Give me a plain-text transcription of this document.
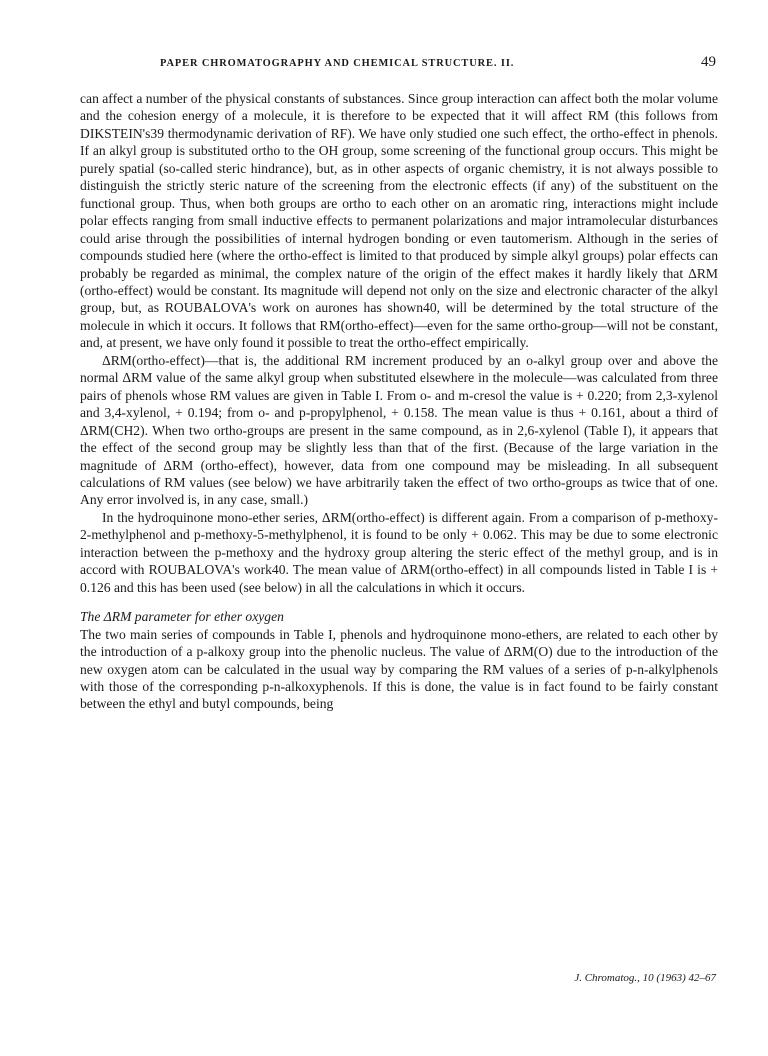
PAPER CHROMATOGRAPHY AND CHEMICAL STRUCTURE. II.	49

can affect a number of the physical constants of substances. Since group interaction can affect both the molar volume and the cohesion energy of a molecule, it is therefore to be expected that it will affect RM (this follows from DIKSTEIN's39 thermodynamic derivation of RF). We have only studied one such effect, the ortho-effect in phenols. If an alkyl group is substituted ortho to the OH group, some screening of the functional group occurs. This might be purely spatial (so-called steric hindrance), but, as in other aspects of organic chemistry, it is not always possible to distinguish the strictly steric nature of the screening from the electronic effects (if any) of the substituent on the functional group. Thus, when both groups are ortho to each other on an aromatic ring, interactions might include polar effects ranging from small inductive effects to permanent polarizations and major intramolecular disturbances could arise through the possibilities of internal hydrogen bonding or even tautomerism. Although in the series of compounds studied here (where the ortho-effect is limited to that produced by simple alkyl groups) polar effects can probably be regarded as minimal, the complex nature of the origin of the effect makes it hardly likely that ΔRM (ortho-effect) would be constant. Its magnitude will depend not only on the size and electronic character of the alkyl group, but, as ROUBALOVA's work on aurones has shown40, will be determined by the total structure of the molecule in which it occurs. It follows that RM(ortho-effect)—even for the same ortho-group—will not be constant, and, at present, we have only found it possible to treat the ortho-effect empirically.

ΔRM(ortho-effect)—that is, the additional RM increment produced by an o-alkyl group over and above the normal ΔRM value of the same alkyl group when substituted elsewhere in the molecule—was calculated from three pairs of phenols whose RM values are given in Table I. From o- and m-cresol the value is + 0.220; from 2,3-xylenol and 3,4-xylenol, + 0.194; from o- and p-propylphenol, + 0.158. The mean value is thus + 0.161, about a third of ΔRM(CH2). When two ortho-groups are present in the same compound, as in 2,6-xylenol (Table I), it appears that the effect of the second group may be slightly less than that of the first. (Because of the large variation in the magnitude of ΔRM (ortho-effect), however, data from one compound may be misleading. In all subsequent calculations of RM values (see below) we have arbitrarily taken the effect of two ortho-groups as twice that of one. Any error involved is, in any case, small.)

In the hydroquinone mono-ether series, ΔRM(ortho-effect) is different again. From a comparison of p-methoxy-2-methylphenol and p-methoxy-5-methylphenol, it is found to be only + 0.062. This may be due to some electronic interaction between the p-methoxy and the hydroxy group altering the steric effect of the methyl group, and is in accord with ROUBALOVA's work40. The mean value of ΔRM(ortho-effect) in all compounds listed in Table I is + 0.126 and this has been used (see below) in all the calculations in which it occurs.

The ΔRM parameter for ether oxygen

The two main series of compounds in Table I, phenols and hydroquinone mono-ethers, are related to each other by the introduction of a p-alkoxy group into the phenolic nucleus. The value of ΔRM(O) due to the introduction of the new oxygen atom can be calculated in the usual way by comparing the RM values of a series of p-n-alkylphenols with those of the corresponding p-n-alkoxyphenols. If this is done, the value is in fact found to be fairly constant between the ethyl and butyl compounds, being

J. Chromatog., 10 (1963) 42–67
